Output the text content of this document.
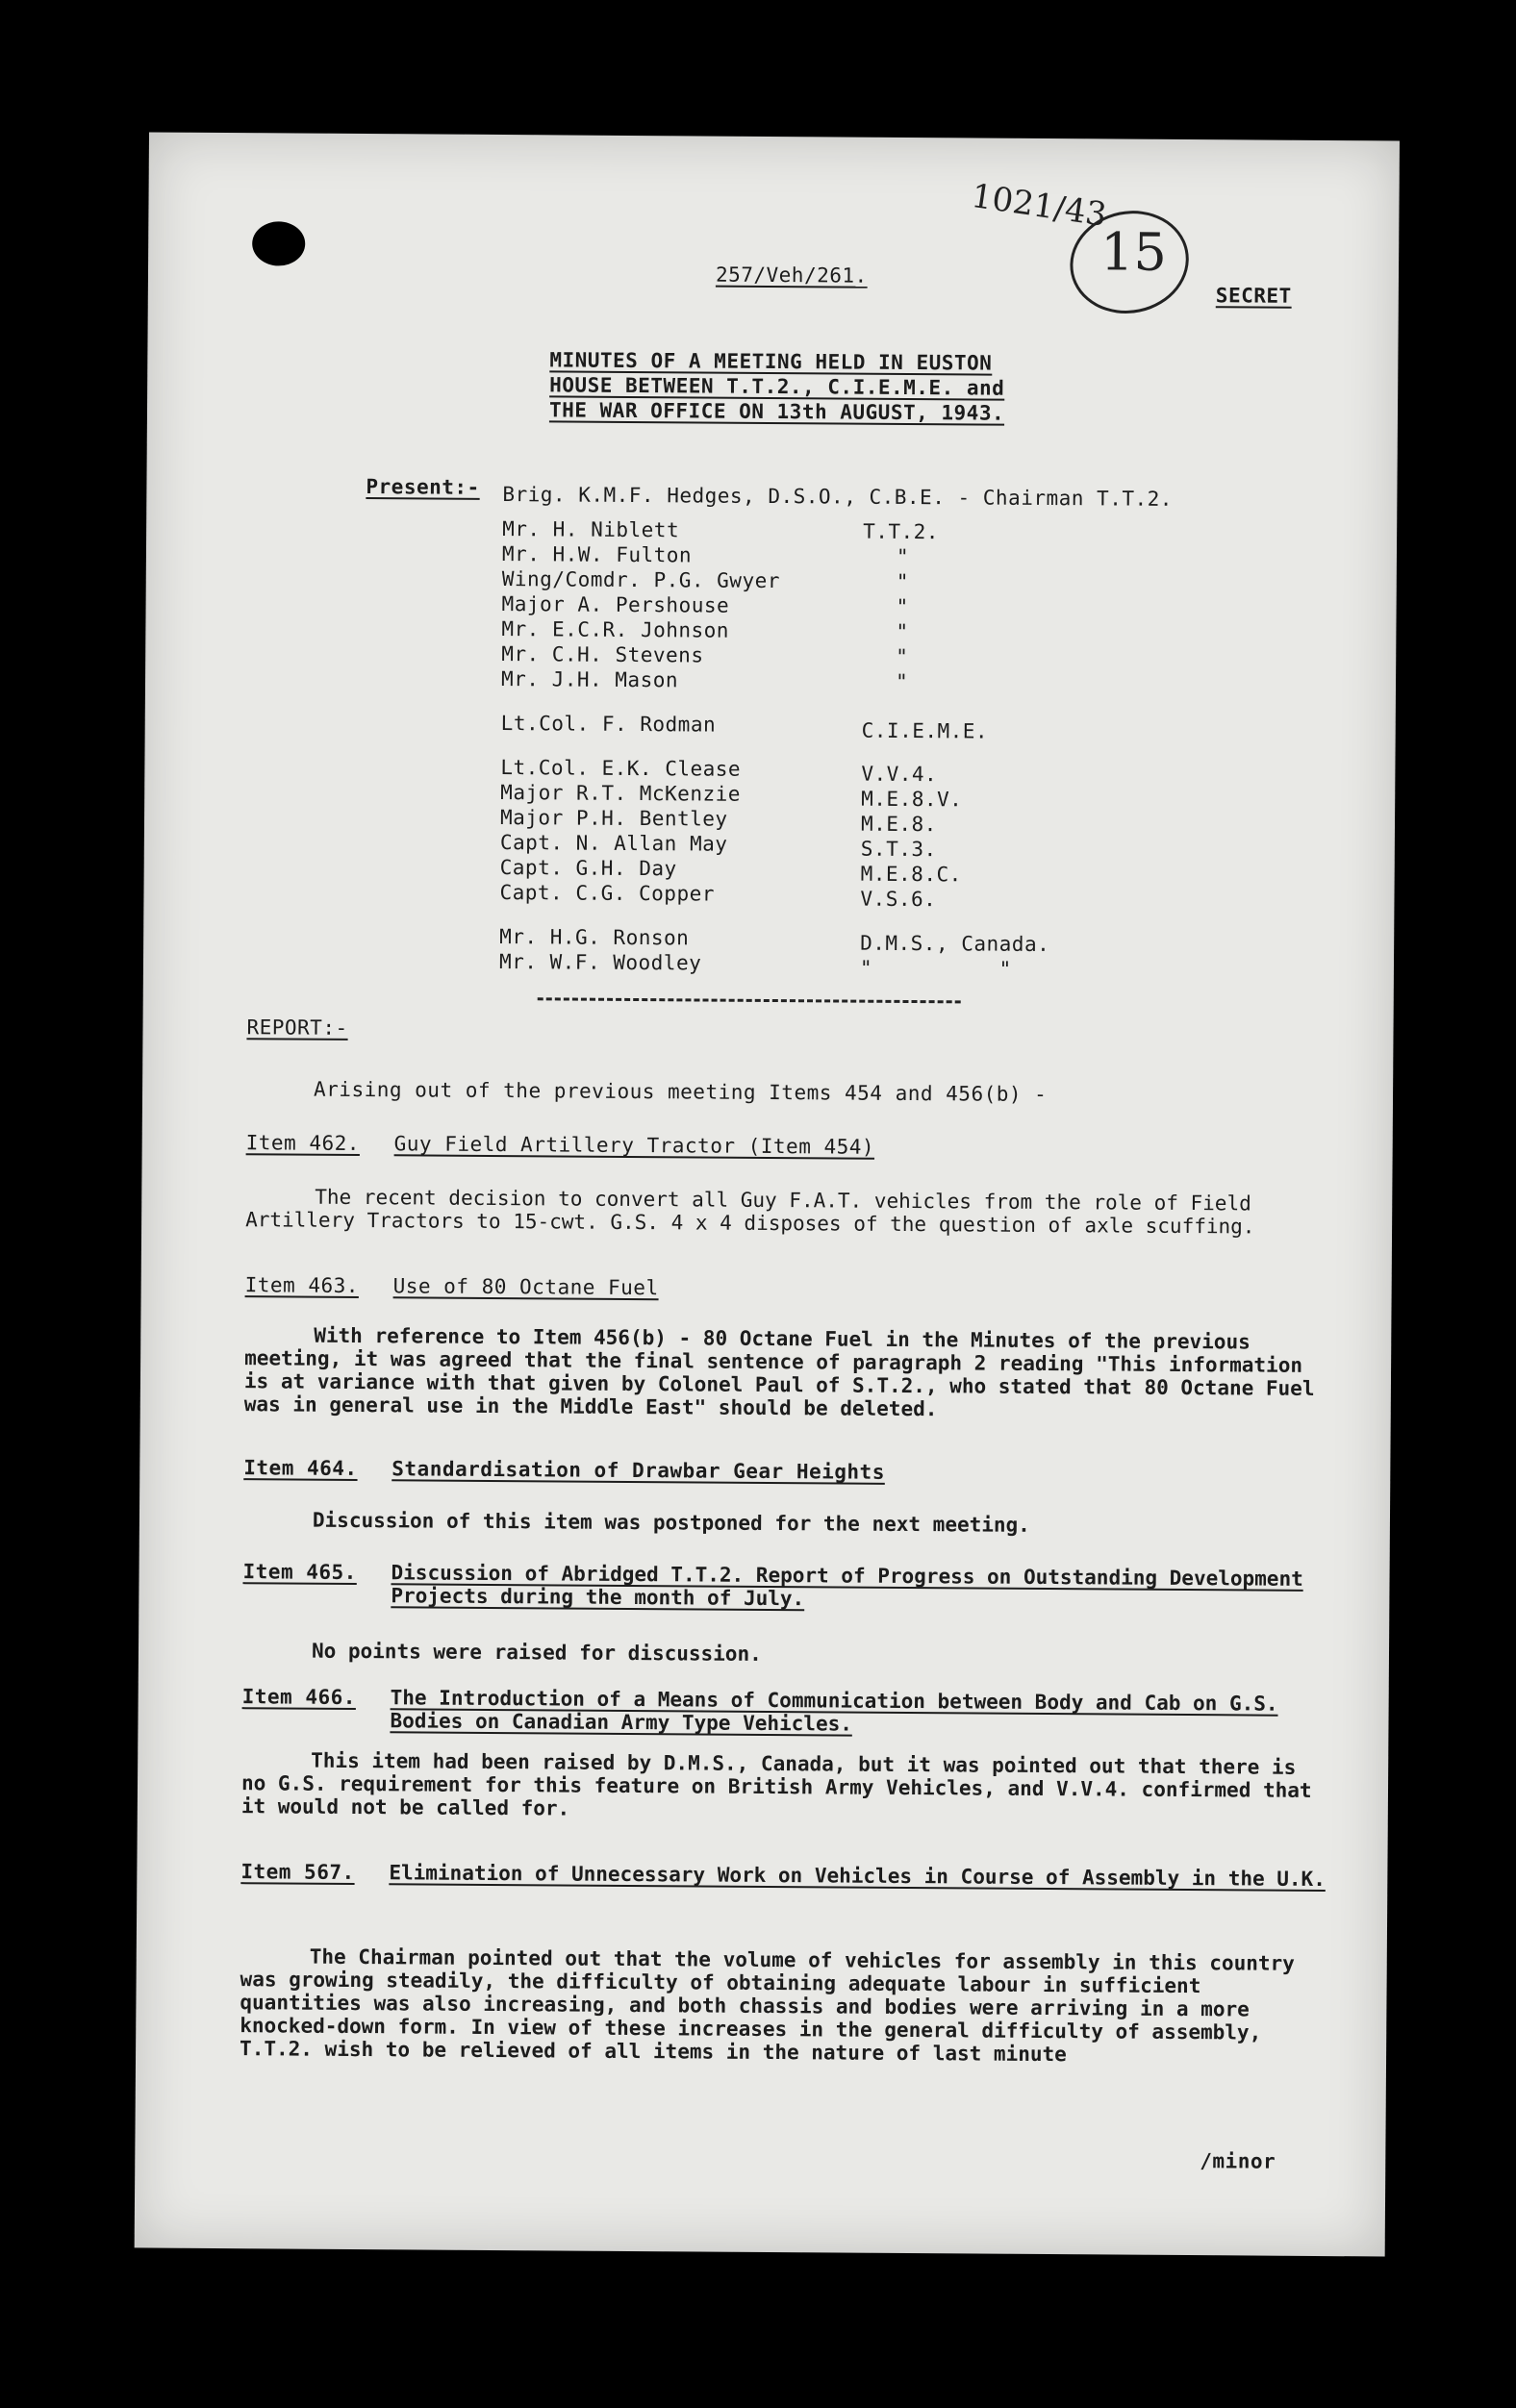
1021/43
15
257/Veh/261.
SECRET
MINUTES OF A MEETING HELD IN EUSTON
HOUSE BETWEEN T.T.2., C.I.E.M.E. and
THE WAR OFFICE ON 13th AUGUST, 1943.
Present:- Brig. K.M.F. Hedges, D.S.O., C.B.E. - Chairman T.T.2.
Mr. H. Niblett	T.T.2.
Mr. H.W. Fulton	"
Wing/Comdr. P.G. Gwyer	"
Major A. Pershouse	"
Mr. E.C.R. Johnson	"
Mr. C.H. Stevens	"
Mr. J.H. Mason	"
Lt.Col. F. Rodman	C.I.E.M.E.
Lt.Col. E.K. Clease	V.V.4.
Major R.T. McKenzie	M.E.8.V.
Major P.H. Bentley	M.E.8.
Capt. N. Allan May	S.T.3.
Capt. G.H. Day	M.E.8.C.
Capt. C.G. Copper	V.S.6.
Mr. H.G. Ronson	D.M.S., Canada.
Mr. W.F. Woodley	"          "
REPORT:-
Arising out of the previous meeting Items 454 and 456(b) -
Item 462. Guy Field Artillery Tractor (Item 454)
The recent decision to convert all Guy F.A.T. vehicles from the role of Field Artillery Tractors to 15-cwt. G.S. 4 x 4 disposes of the question of axle scuffing.
Item 463. Use of 80 Octane Fuel
With reference to Item 456(b) - 80 Octane Fuel in the Minutes of the previous meeting, it was agreed that the final sentence of paragraph 2 reading "This information is at variance with that given by Colonel Paul of S.T.2., who stated that 80 Octane Fuel was in general use in the Middle East" should be deleted.
Item 464. Standardisation of Drawbar Gear Heights
Discussion of this item was postponed for the next meeting.
Item 465. Discussion of Abridged T.T.2. Report of Progress on Outstanding Development Projects during the month of July.
No points were raised for discussion.
Item 466. The Introduction of a Means of Communication between Body and Cab on G.S. Bodies on Canadian Army Type Vehicles.
This item had been raised by D.M.S., Canada, but it was pointed out that there is no G.S. requirement for this feature on British Army Vehicles, and V.V.4. confirmed that it would not be called for.
Item 567. Elimination of Unnecessary Work on Vehicles in Course of Assembly in the U.K.
The Chairman pointed out that the volume of vehicles for assembly in this country was growing steadily, the difficulty of obtaining adequate labour in sufficient quantities was also increasing, and both chassis and bodies were arriving in a more knocked-down form. In view of these increases in the general difficulty of assembly, T.T.2. wish to be relieved of all items in the nature of last minute
/minor
